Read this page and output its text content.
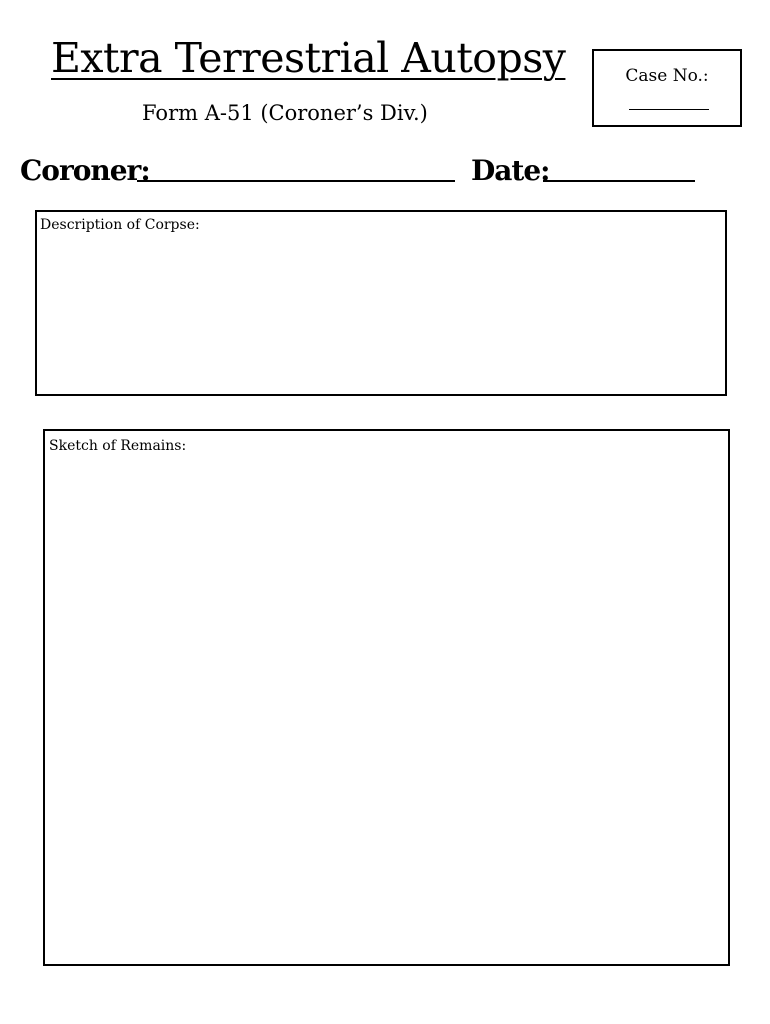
Extra Terrestrial Autopsy
Form A-51 (Coroner’s Div.)
Case No.:
Coroner:	Date:
Description of Corpse:
Sketch of Remains:
